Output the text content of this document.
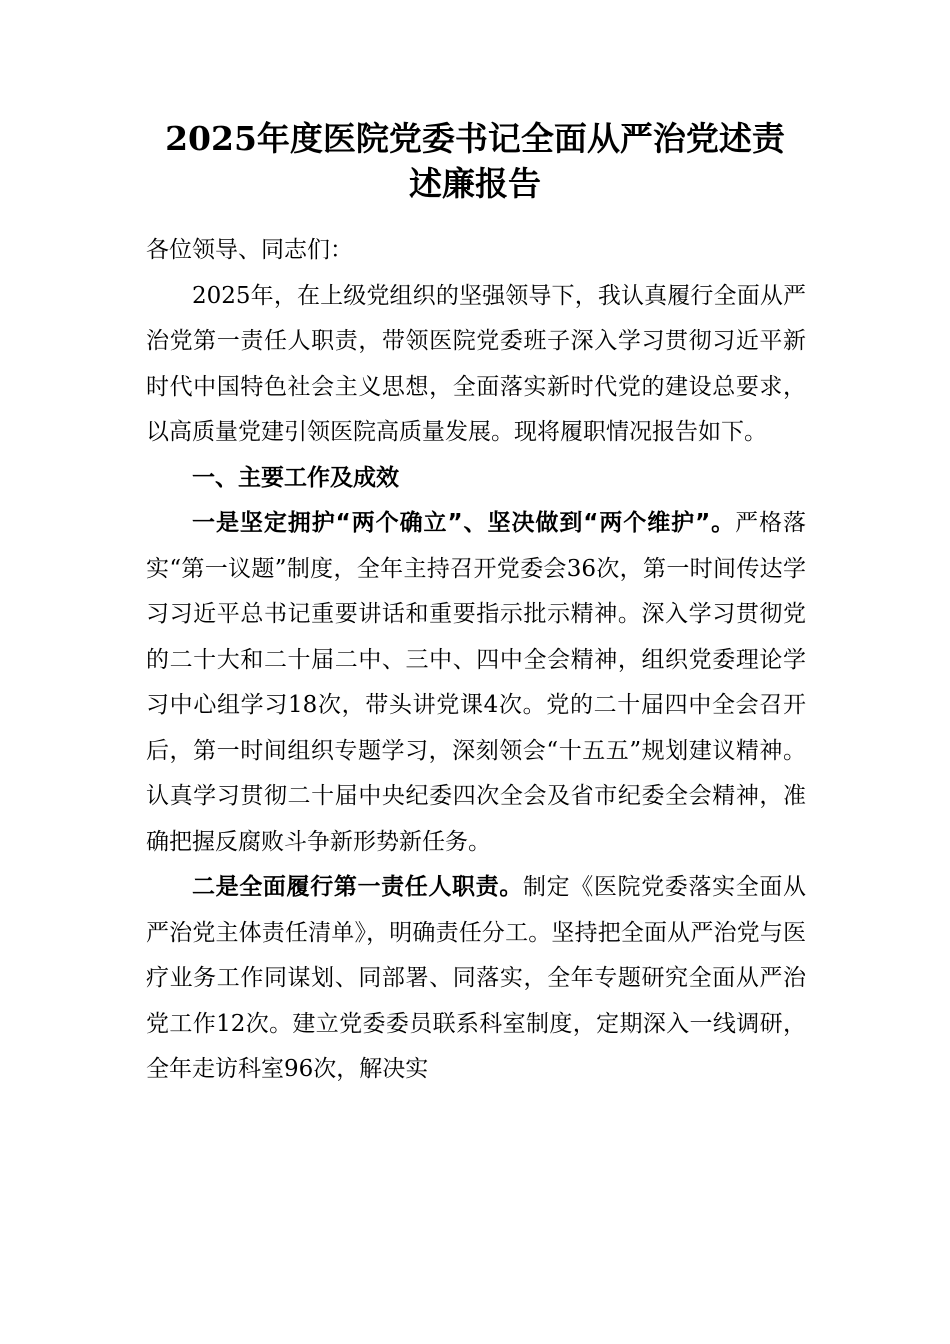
2025年度医院党委书记全面从严治党述责
述廉报告

各位领导、同志们：

2025年，在上级党组织的坚强领导下，我认真履行全面从严治党第一责任人职责，带领医院党委班子深入学习贯彻习近平新时代中国特色社会主义思想，全面落实新时代党的建设总要求，以高质量党建引领医院高质量发展。现将履职情况报告如下。

一、主要工作及成效

一是坚定拥护“两个确立”、坚决做到“两个维护”。严格落实“第一议题”制度，全年主持召开党委会36次，第一时间传达学习习近平总书记重要讲话和重要指示批示精神。深入学习贯彻党的二十大和二十届二中、三中、四中全会精神，组织党委理论学习中心组学习18次，带头讲党课4次。党的二十届四中全会召开后，第一时间组织专题学习，深刻领会“十五五”规划建议精神。认真学习贯彻二十届中央纪委四次全会及省市纪委全会精神，准确把握反腐败斗争新形势新任务。

二是全面履行第一责任人职责。制定《医院党委落实全面从严治党主体责任清单》，明确责任分工。坚持把全面从严治党与医疗业务工作同谋划、同部署、同落实，全年专题研究全面从严治党工作12次。建立党委委员联系科室制度，定期深入一线调研，全年走访科室96次，解决实
